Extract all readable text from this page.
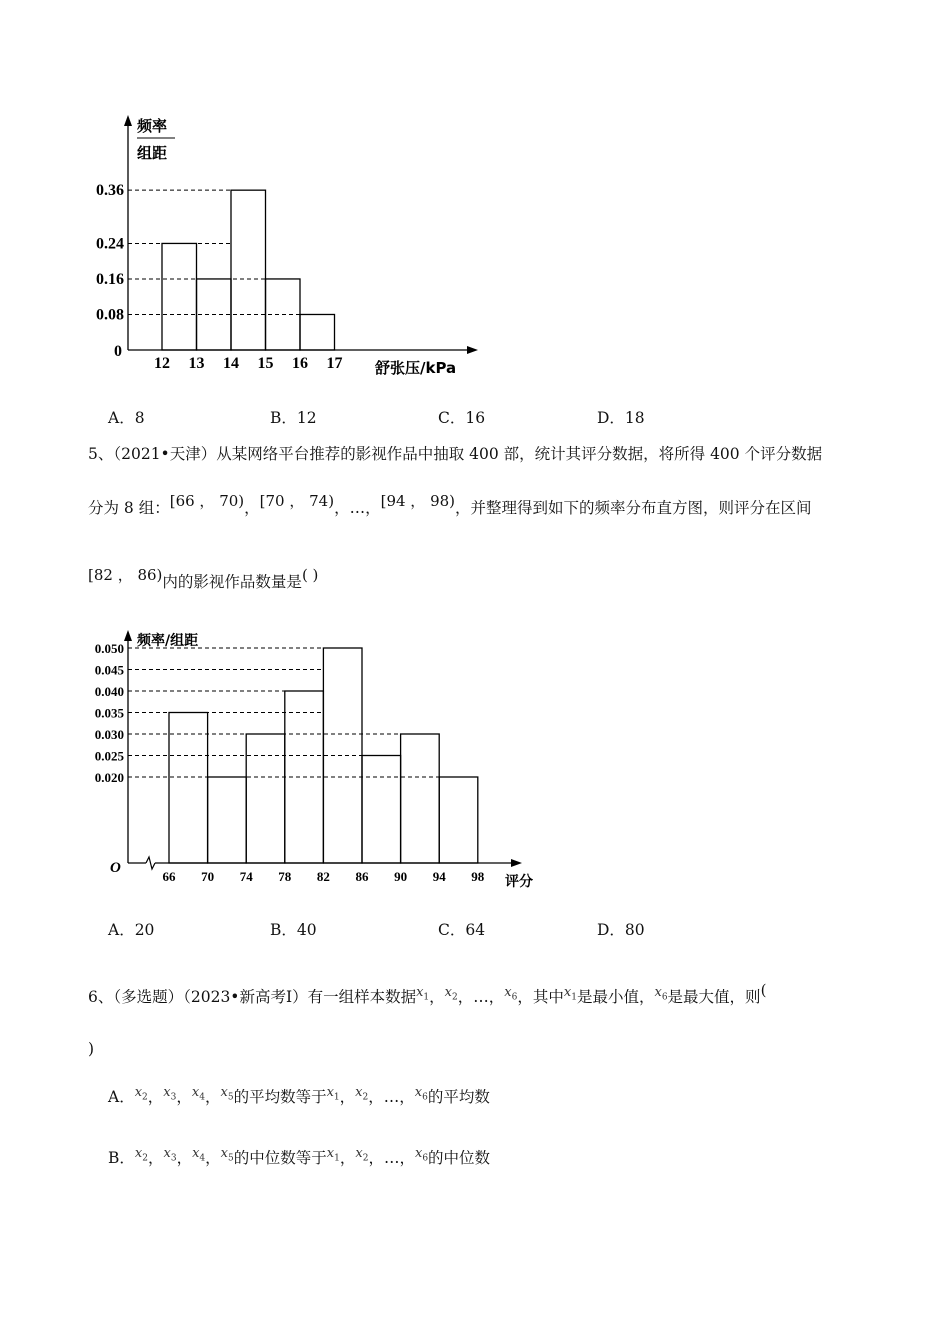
频率
组距
0
舒张压/kPa
0.08
0.16
0.24
0.36
12 13 14 15 16 17
A．8	B．12	C．16	D．18
5、（2021•天津）从某网络平台推荐的影视作品中抽取 400 部，统计其评分数据，将所得 400 个评分数据
分为 8 组：[66 ， 70)，[70 ， 74)，…，[94 ， 98)，并整理得到如下的频率分布直方图，则评分在区间
[82 ， 86)内的影视作品数量是( )
频率/组距
O
评分
0.020
0.025
0.030
0.035
0.040
0.045
0.050
66 70 74 78 82 86 90 94 98
A．20	B．40	C．64	D．80
6、（多选题）（2023•新高考Ⅰ）有一组样本数据$^{x_1}$，$^{x_2}$，…，$^{x_6}$，其中$^{x_1}$是最小值，$^{x_6}$是最大值，则(
)
A．$^{x_2}$，$^{x_3}$，$^{x_4}$，$^{x_5}$的平均数等于$^{x_1}$，$^{x_2}$，…，$^{x_6}$的平均数
B．$^{x_2}$，$^{x_3}$，$^{x_4}$，$^{x_5}$的中位数等于$^{x_1}$，$^{x_2}$，…，$^{x_6}$的中位数
